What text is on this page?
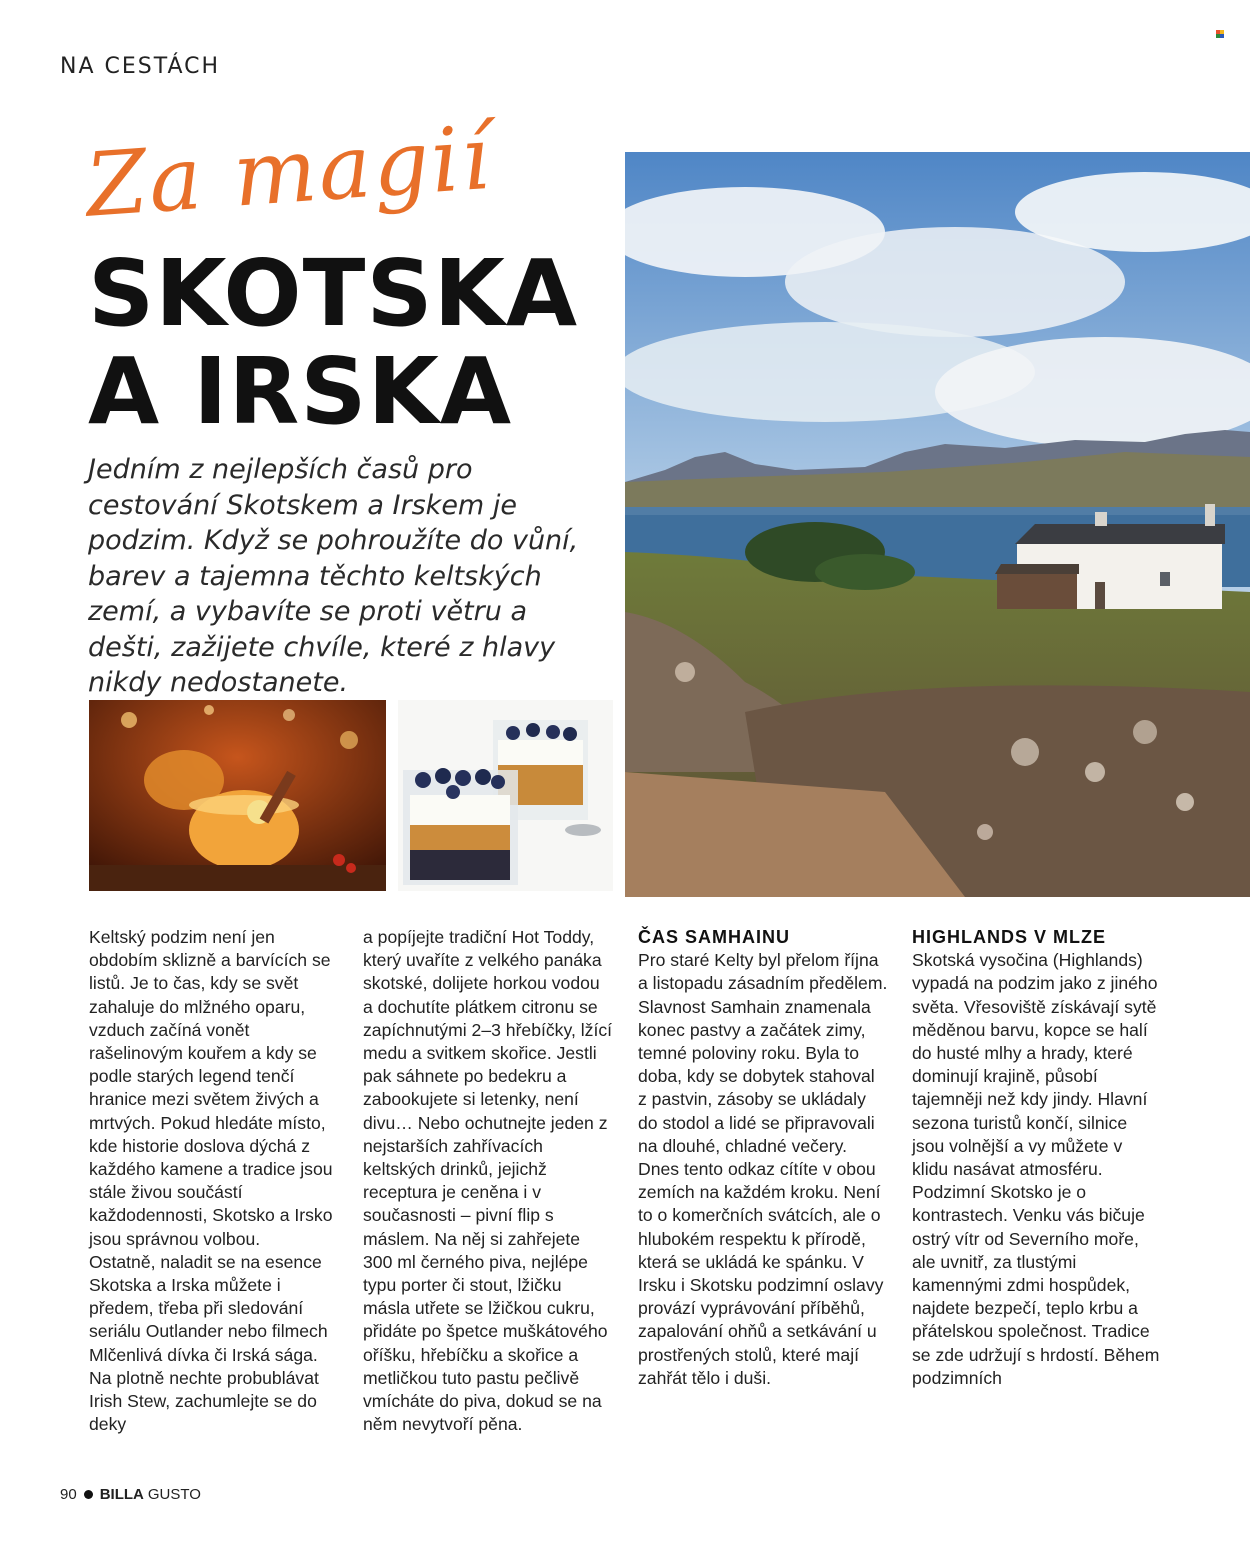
NA CESTÁCH
Za magií
SKOTSKA
A IRSKA

Jedním z nejlepších časů pro cestování Skotskem a Irskem je podzim. Když se pohroužíte do vůní, barev a tajemna těchto keltských zemí, a vybavíte se proti větru a dešti, zažijete chvíle, které z hlavy nikdy nedostanete.

Keltský podzim není jen obdobím sklizně a barvících se listů. Je to čas, kdy se svět zahaluje do mlžného oparu, vzduch začíná vonět rašelinovým kouřem a kdy se podle starých legend tenčí hranice mezi světem živých a mrtvých. Pokud hledáte místo, kde historie doslova dýchá z každého kamene a tradice jsou stále živou součástí každodennosti, Skotsko a Irsko jsou správnou volbou.

Ostatně, naladit se na esence Skotska a Irska můžete i předem, třeba při sledování seriálu Outlander nebo filmech Mlčenlivá dívka či Irská sága. Na plotně nechte probublávat Irish Stew, zachumlejte se do deky

a popíjejte tradiční Hot Toddy, který uvaříte z velkého panáka skotské, dolijete horkou vodou a dochutíte plátkem citronu se zapíchnutými 2–3 hřebíčky, lžící medu a svitkem skořice. Jestli pak sáhnete po bedekru a zabookujete si letenky, není divu… Nebo ochutnejte jeden z nejstarších zahřívacích keltských drinků, jejichž receptura je ceněna i v současnosti – pivní flip s máslem. Na něj si zahřejete 300 ml černého piva, nejlépe typu porter či stout, lžičku másla utřete se lžičkou cukru, přidáte po špetce muškátového oříšku, hřebíčku a skořice a metličkou tuto pastu pečlivě vmícháte do piva, dokud se na něm nevytvoří pěna.

ČAS SAMHAINU

Pro staré Kelty byl přelom října a listopadu zásadním předělem. Slavnost Samhain znamenala konec pastvy a začátek zimy, temné poloviny roku. Byla to doba, kdy se dobytek stahoval z pastvin, zásoby se ukládaly do stodol a lidé se připravovali na dlouhé, chladné večery.

Dnes tento odkaz cítíte v obou zemích na každém kroku. Není to o komerčních svátcích, ale o hlubokém respektu k přírodě, která se ukládá ke spánku. V Irsku i Skotsku podzimní oslavy provází vyprávování příběhů, zapalování ohňů a setkávání u prostřených stolů, které mají zahřát tělo i duši.

HIGHLANDS V MLZE

Skotská vysočina (Highlands) vypadá na podzim jako z jiného světa. Vřesoviště získávají sytě měděnou barvu, kopce se halí do husté mlhy a hrady, které dominují krajině, působí tajemněji než kdy jindy. Hlavní sezona turistů končí, silnice jsou volnější a vy můžete v klidu nasávat atmosféru. Podzimní Skotsko je o kontrastech. Venku vás bičuje ostrý vítr od Severního moře, ale uvnitř, za tlustými kamennými zdmi hospůdek, najdete bezpečí, teplo krbu a přátelskou společnost. Tradice se zde udržují s hrdostí. Během podzimních

90 BILLA GUSTO
